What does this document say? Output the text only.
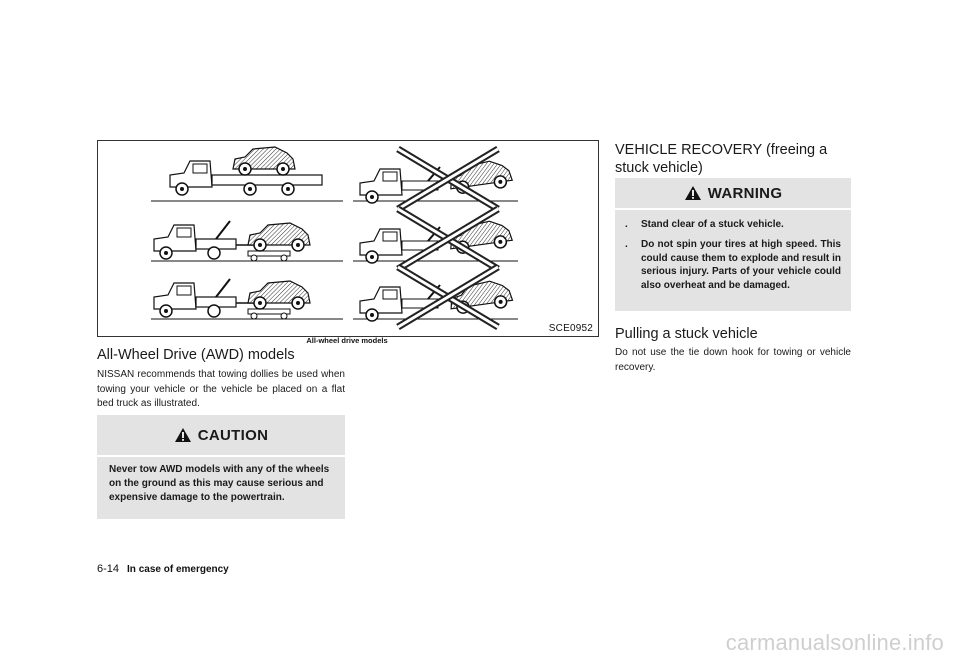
SCE0952
All-wheel drive models
All-Wheel Drive (AWD) models

NISSAN recommends that towing dollies be used when towing your vehicle or the vehicle be placed on a flat bed truck as illustrated.

CAUTION
Never tow AWD models with any of the wheels on the ground as this may cause serious and expensive damage to the powertrain.
VEHICLE RECOVERY (freeing a stuck vehicle)
WARNING
.	Stand clear of a stuck vehicle.
.	Do not spin your tires at high speed. This could cause them to explode and result in serious injury. Parts of your vehicle could also overheat and be damaged.
Pulling a stuck vehicle

Do not use the tie down hook for towing or vehicle recovery.

6-14 In case of emergency
carmanualsonline.info
